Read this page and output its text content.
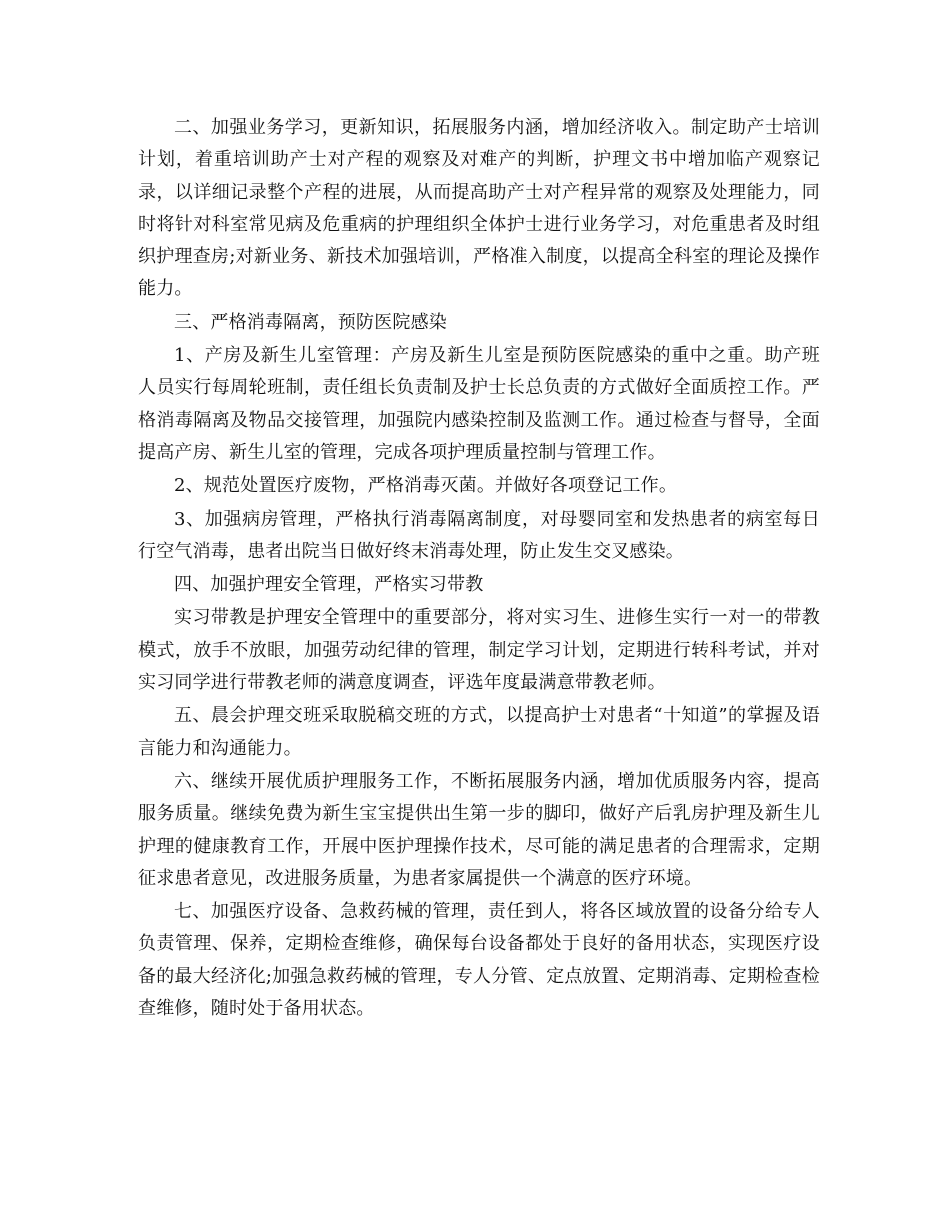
二、加强业务学习，更新知识，拓展服务内涵，增加经济收入。制定助产士培训计划，着重培训助产士对产程的观察及对难产的判断，护理文书中增加临产观察记录，以详细记录整个产程的进展，从而提高助产士对产程异常的观察及处理能力，同时将针对科室常见病及危重病的护理组织全体护士进行业务学习，对危重患者及时组织护理查房;对新业务、新技术加强培训，严格准入制度，以提高全科室的理论及操作能力。

三、严格消毒隔离，预防医院感染

1、产房及新生儿室管理：产房及新生儿室是预防医院感染的重中之重。助产班人员实行每周轮班制，责任组长负责制及护士长总负责的方式做好全面质控工作。严格消毒隔离及物品交接管理，加强院内感染控制及监测工作。通过检查与督导，全面提高产房、新生儿室的管理，完成各项护理质量控制与管理工作。

2、规范处置医疗废物，严格消毒灭菌。并做好各项登记工作。

3、加强病房管理，严格执行消毒隔离制度，对母婴同室和发热患者的病室每日行空气消毒，患者出院当日做好终末消毒处理，防止发生交叉感染。

四、加强护理安全管理，严格实习带教

实习带教是护理安全管理中的重要部分，将对实习生、进修生实行一对一的带教模式，放手不放眼，加强劳动纪律的管理，制定学习计划，定期进行转科考试，并对实习同学进行带教老师的满意度调查，评选年度最满意带教老师。

五、晨会护理交班采取脱稿交班的方式，以提高护士对患者“十知道”的掌握及语言能力和沟通能力。

六、继续开展优质护理服务工作，不断拓展服务内涵，增加优质服务内容，提高服务质量。继续免费为新生宝宝提供出生第一步的脚印，做好产后乳房护理及新生儿护理的健康教育工作，开展中医护理操作技术，尽可能的满足患者的合理需求，定期征求患者意见，改进服务质量，为患者家属提供一个满意的医疗环境。

七、加强医疗设备、急救药械的管理，责任到人，将各区域放置的设备分给专人负责管理、保养，定期检查维修，确保每台设备都处于良好的备用状态，实现医疗设备的最大经济化;加强急救药械的管理，专人分管、定点放置、定期消毒、定期检查检查维修，随时处于备用状态。
